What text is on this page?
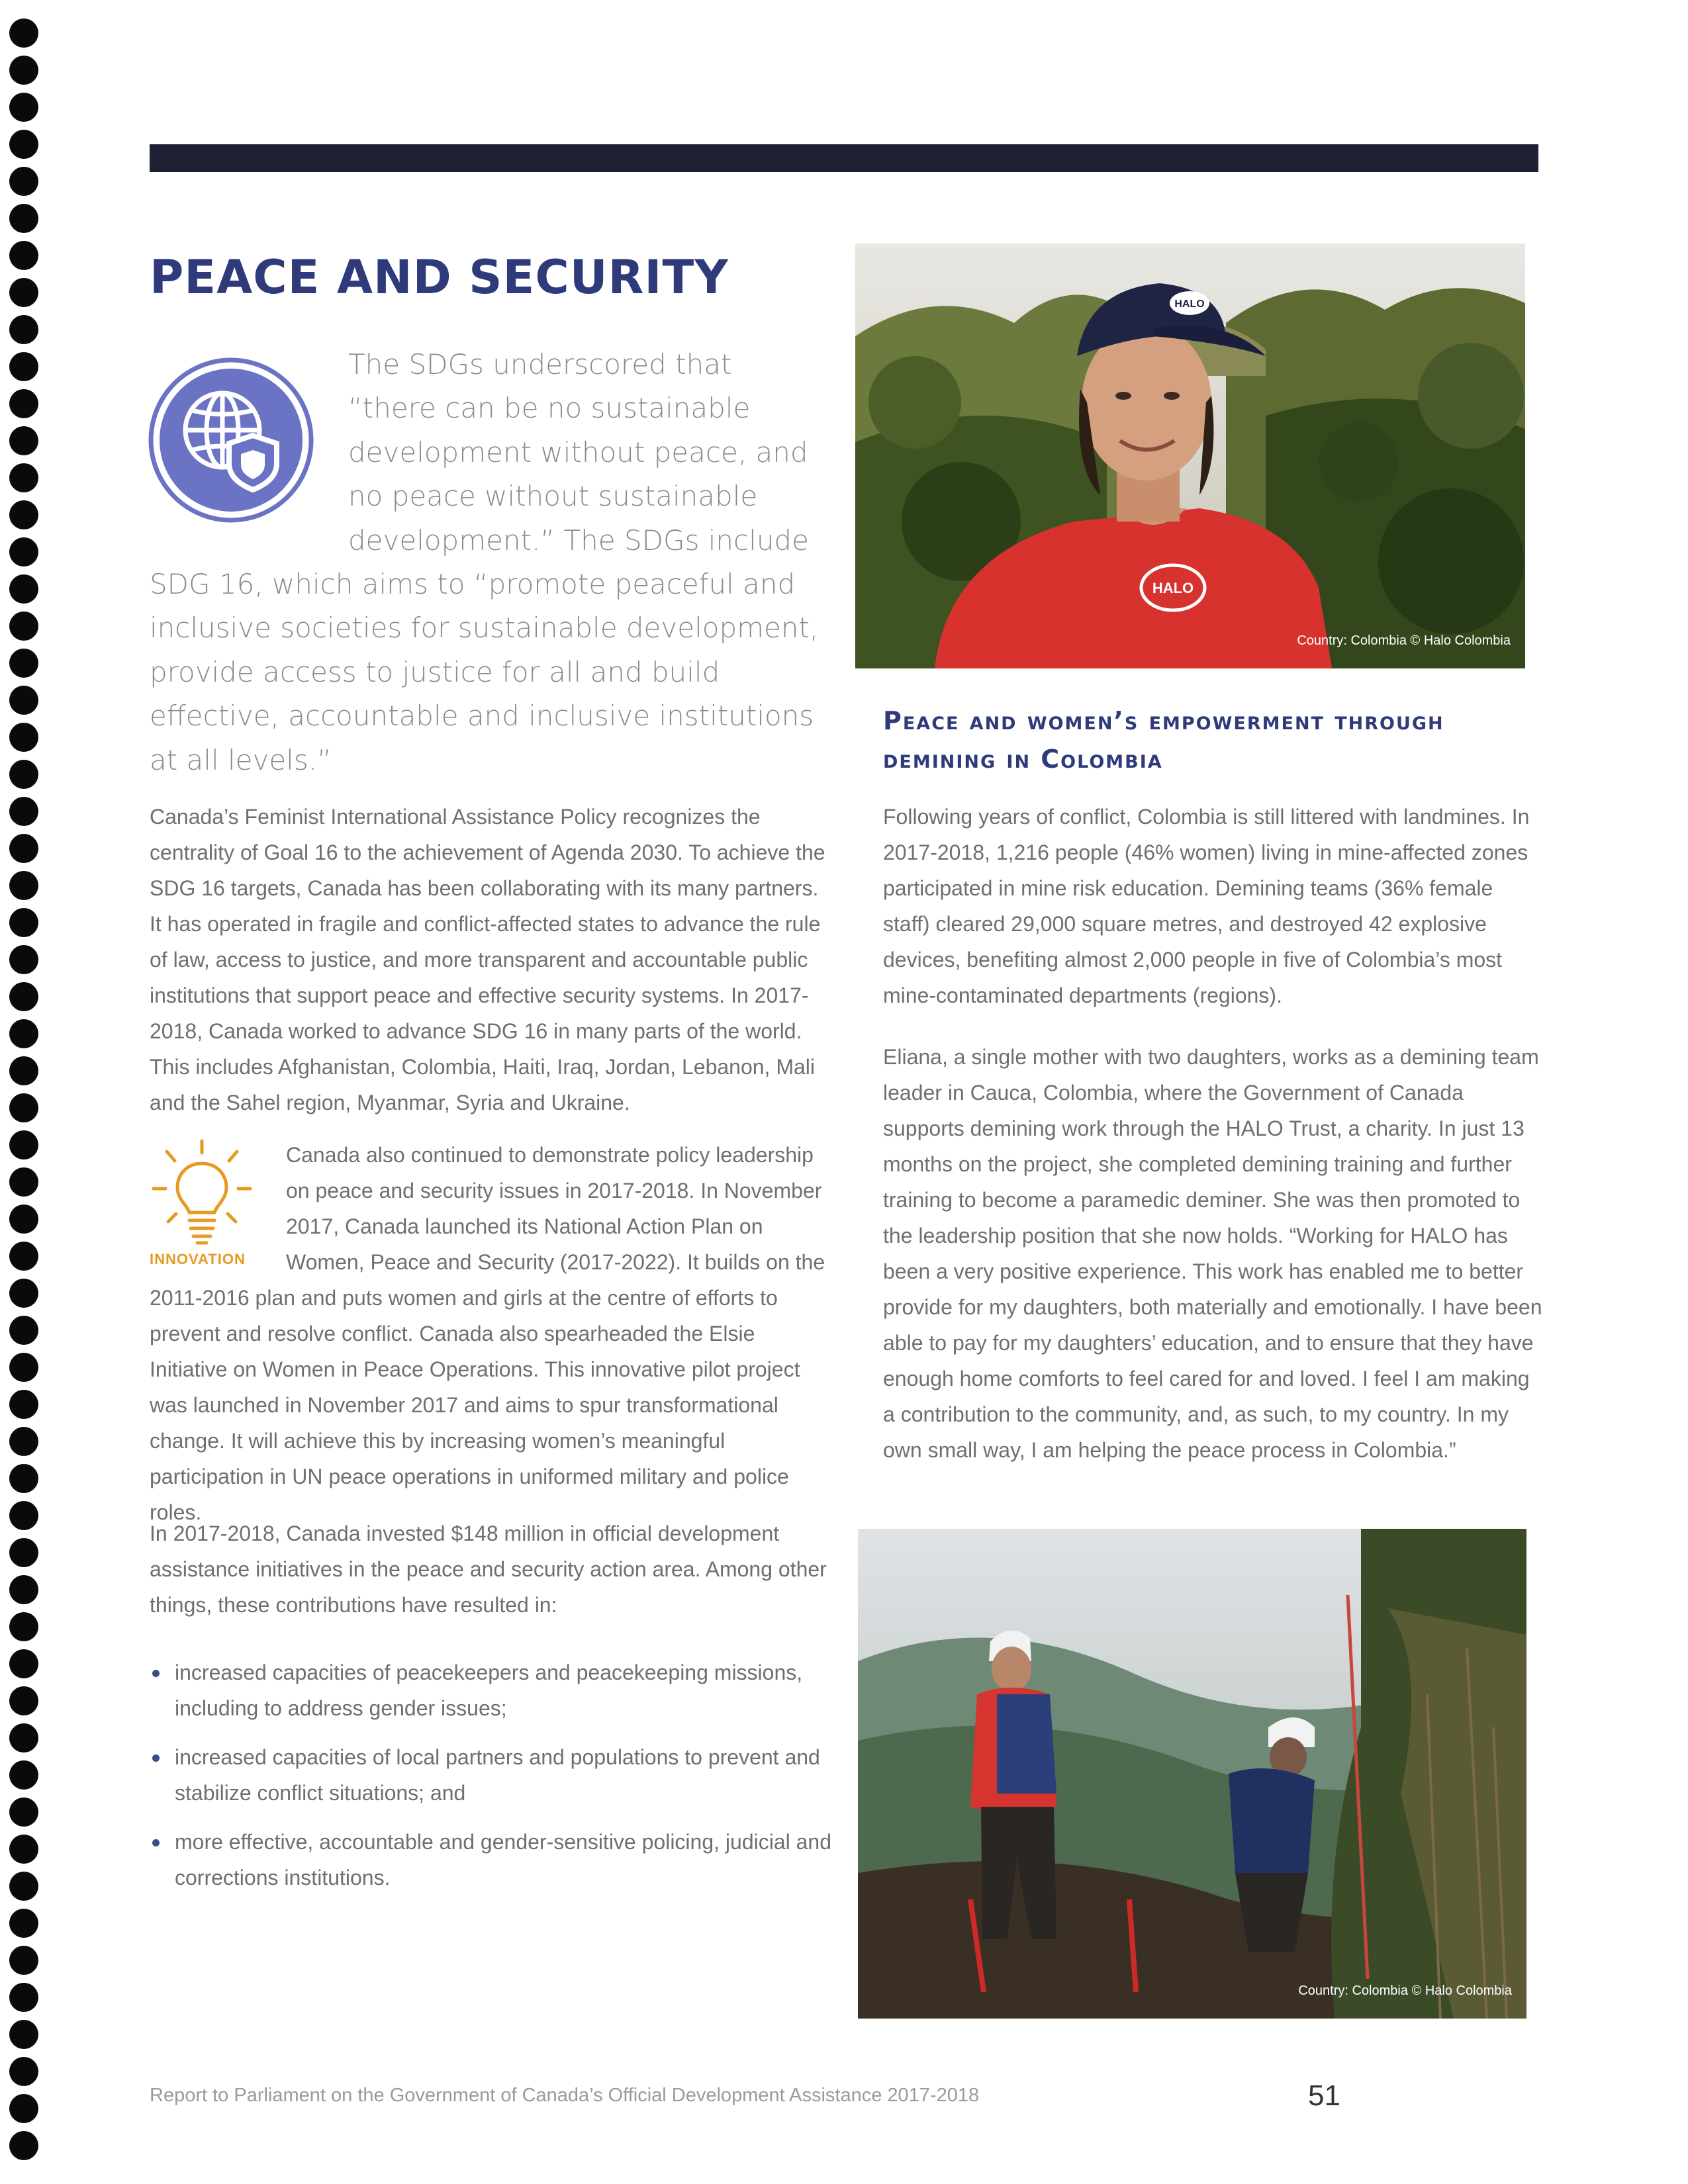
PEACE AND SECURITY

The SDGs underscored that “there can be no sustainable development without peace, and no peace without sustainable development.” The SDGs include SDG 16, which aims to “promote peaceful and inclusive societies for sustainable development, provide access to justice for all and build effective, accountable and inclusive institutions at all levels.”

Canada’s Feminist International Assistance Policy recognizes the centrality of Goal 16 to the achievement of Agenda 2030. To achieve the SDG 16 targets, Canada has been collaborating with its many partners. It has operated in fragile and conflict-affected states to advance the rule of law, access to justice, and more transparent and accountable public institutions that support peace and effective security systems. In 2017-2018, Canada worked to advance SDG 16 in many parts of the world. This includes Afghanistan, Colombia, Haiti, Iraq, Jordan, Lebanon, Mali and the Sahel region, Myanmar, Syria and Ukraine.

INNOVATION

Canada also continued to demonstrate policy leadership on peace and security issues in 2017-2018. In November 2017, Canada launched its National Action Plan on Women, Peace and Security (2017-2022). It builds on the 2011-2016 plan and puts women and girls at the centre of efforts to prevent and resolve conflict. Canada also spearheaded the Elsie Initiative on Women in Peace Operations. This innovative pilot project was launched in November 2017 and aims to spur transformational change. It will achieve this by increasing women’s meaningful participation in UN peace operations in uniformed military and police roles.

In 2017-2018, Canada invested $148 million in official development assistance initiatives in the peace and security action area. Among other things, these contributions have resulted in:

increased capacities of peacekeepers and peacekeeping missions, including to address gender issues;
increased capacities of local partners and populations to prevent and stabilize conflict situations; and
more effective, accountable and gender-sensitive policing, judicial and corrections institutions.
HALO
HALO
Country: Colombia © Halo Colombia
Peace and women’s empowerment through demining in Colombia

Following years of conflict, Colombia is still littered with landmines. In 2017-2018, 1,216 people (46% women) living in mine-affected zones participated in mine risk education. Demining teams (36% female staff) cleared 29,000 square metres, and destroyed 42 explosive devices, benefiting almost 2,000 people in five of Colombia’s most mine-contaminated departments (regions).

Eliana, a single mother with two daughters, works as a demining team leader in Cauca, Colombia, where the Government of Canada supports demining work through the HALO Trust, a charity. In just 13 months on the project, she completed demining training and further training to become a paramedic deminer. She was then promoted to the leadership position that she now holds. “Working for HALO has been a very positive experience. This work has enabled me to better provide for my daughters, both materially and emotionally. I have been able to pay for my daughters’ education, and to ensure that they have enough home comforts to feel cared for and loved. I feel I am making a contribution to the community, and, as such, to my country. In my own small way, I am helping the peace process in Colombia.”

Country: Colombia © Halo Colombia
Report to Parliament on the Government of Canada’s Official Development Assistance 2017-2018	51
